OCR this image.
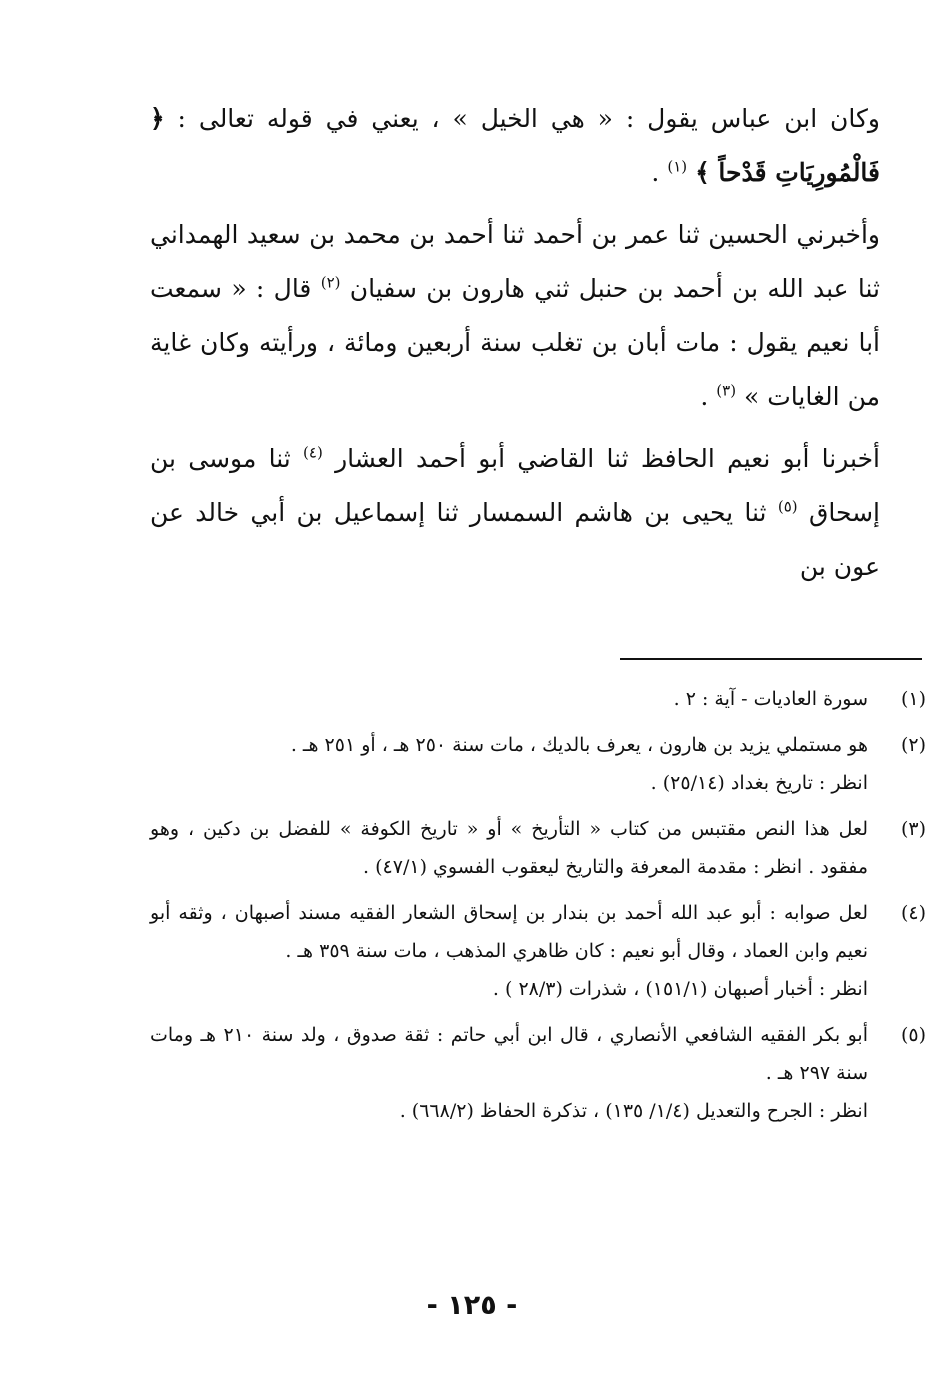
وكان ابن عباس يقول : « هي الخيل » ، يعني في قوله تعالى : ﴿ فَالْمُورِيَاتِ قَدْحاً ﴾ $^{(١)}$ .

وأخبرني الحسين ثنا عمر بن أحمد ثنا أحمد بن محمد بن سعيد الهمداني ثنا عبد الله بن أحمد بن حنبل ثني هارون بن سفيان $^{(٢)}$ قال : « سمعت أبا نعيم يقول : مات أبان بن تغلب سنة أربعين ومائة ، ورأيته وكان غاية من الغايات » $^{(٣)}$ .

أخبرنا أبو نعيم الحافظ ثنا القاضي أبو أحمد العشار $^{(٤)}$ ثنا موسى بن إسحاق $^{(٥)}$ ثنا يحيى بن هاشم السمسار ثنا إسماعيل بن أبي خالد عن عون بن

(١)
سورة العاديات - آية : ٢ .
(٢)
هو مستملي يزيد بن هارون ، يعرف بالديك ، مات سنة ٢٥٠ هـ ، أو ٢٥١ هـ .
انظر : تاريخ بغداد (٢٥/١٤) .
(٣)
لعل هذا النص مقتبس من كتاب « التأريخ » أو « تاريخ الكوفة » للفضل بن دكين ، وهو مفقود . انظر : مقدمة المعرفة والتاريخ ليعقوب الفسوي (٤٧/١) .
(٤)
لعل صوابه : أبو عبد الله أحمد بن بندار بن إسحاق الشعار الفقيه مسند أصبهان ، وثقه أبو نعيم وابن العماد ، وقال أبو نعيم : كان ظاهري المذهب ، مات سنة ٣٥٩ هـ .
انظر : أخبار أصبهان (١٥١/١) ، شذرات (٢٨/٣ ) .
(٥)
أبو بكر الفقيه الشافعي الأنصاري ، قال ابن أبي حاتم : ثقة صدوق ، ولد سنة ٢١٠ هـ ومات سنة ٢٩٧ هـ .
انظر : الجرح والتعديل (١/٤/ ١٣٥) ، تذكرة الحفاظ (٦٦٨/٢) .
- ١٢٥ -
